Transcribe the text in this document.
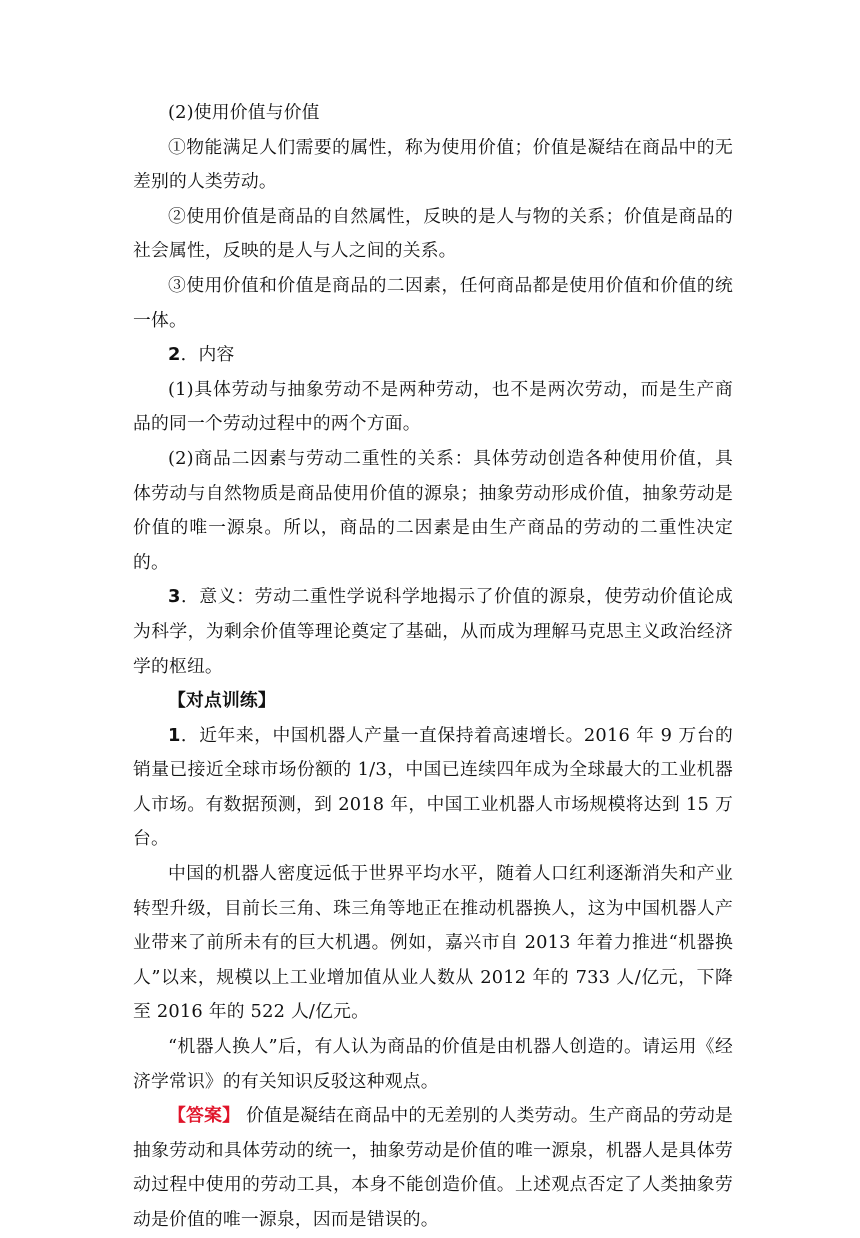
(2)使用价值与价值

①物能满足人们需要的属性，称为使用价值；价值是凝结在商品中的无差别的人类劳动。

②使用价值是商品的自然属性，反映的是人与物的关系；价值是商品的社会属性，反映的是人与人之间的关系。

③使用价值和价值是商品的二因素，任何商品都是使用价值和价值的统一体。

2．内容

(1)具体劳动与抽象劳动不是两种劳动，也不是两次劳动，而是生产商品的同一个劳动过程中的两个方面。

(2)商品二因素与劳动二重性的关系：具体劳动创造各种使用价值，具体劳动与自然物质是商品使用价值的源泉；抽象劳动形成价值，抽象劳动是价值的唯一源泉。所以，商品的二因素是由生产商品的劳动的二重性决定的。

3．意义：劳动二重性学说科学地揭示了价值的源泉，使劳动价值论成为科学，为剩余价值等理论奠定了基础，从而成为理解马克思主义政治经济学的枢纽。

【对点训练】

1．近年来，中国机器人产量一直保持着高速增长。2016 年 9 万台的销量已接近全球市场份额的 1/3，中国已连续四年成为全球最大的工业机器人市场。有数据预测，到 2018 年，中国工业机器人市场规模将达到 15 万台。

中国的机器人密度远低于世界平均水平，随着人口红利逐渐消失和产业转型升级，目前长三角、珠三角等地正在推动机器换人，这为中国机器人产业带来了前所未有的巨大机遇。例如，嘉兴市自 2013 年着力推进“机器换人”以来，规模以上工业增加值从业人数从 2012 年的 733 人/亿元，下降至 2016 年的 522 人/亿元。

“机器人换人”后，有人认为商品的价值是由机器人创造的。请运用《经济学常识》的有关知识反驳这种观点。

【答案】 价值是凝结在商品中的无差别的人类劳动。生产商品的劳动是抽象劳动和具体劳动的统一，抽象劳动是价值的唯一源泉，机器人是具体劳动过程中使用的劳动工具，本身不能创造价值。上述观点否定了人类抽象劳动是价值的唯一源泉，因而是错误的。
